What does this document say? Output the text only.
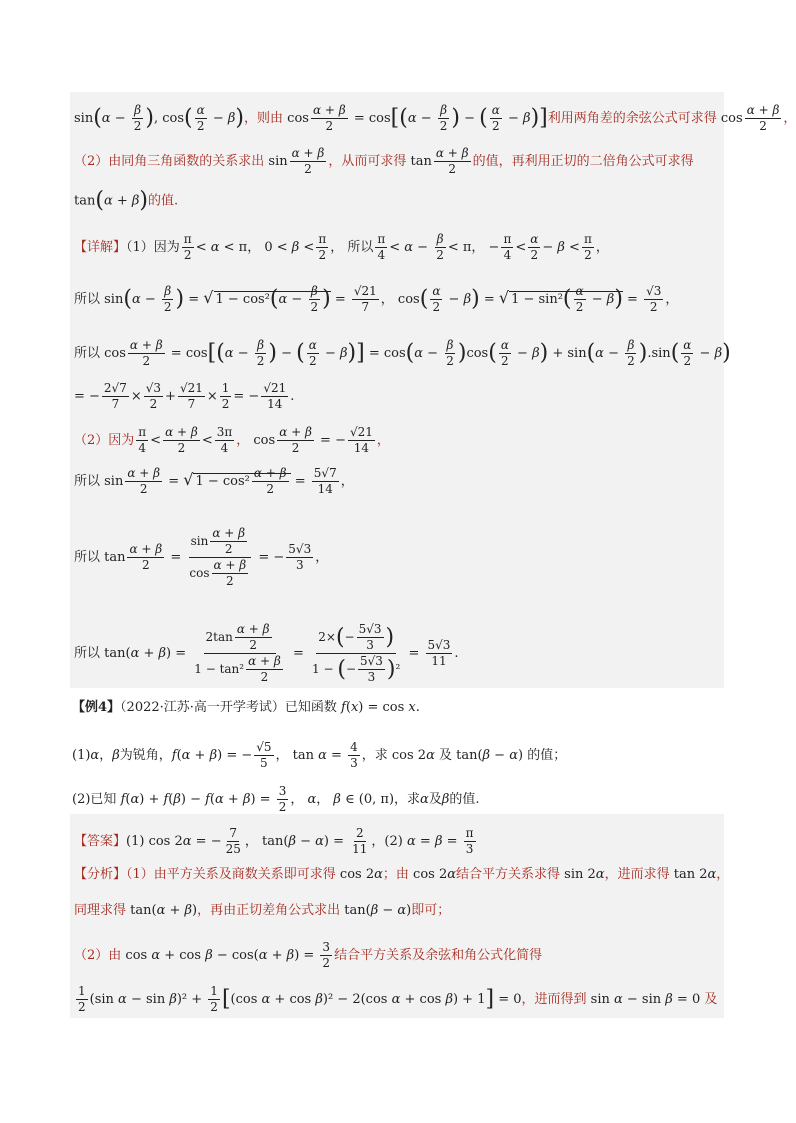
$\sin(\alpha - \frac{\beta}{2}$ ), $\cos( \frac{\alpha}{2} - \beta)$，则由 $\cos \frac{\alpha + \beta}{2} = \cos[(\alpha - \frac{\beta}{2}$ ) − ( $\frac{\alpha}{2} - \beta$)]利用两角差的余弦公式可求得 $\cos \frac{\alpha + \beta}{2}$ ，
（2）由同角三角函数的关系求出 $\sin \frac{\alpha + \beta}{2}$ ，从而可求得 $\tan \frac{\alpha + \beta}{2}$ 的值，再利用正切的二倍角公式可求得
tan(α + β)的值.
【详解】（1）因为 $\frac{\pi}{2} < \alpha < \pi$， $0 < \beta < \frac{\pi}{2}$ ， 所以 $\frac{\pi}{4} < \alpha - \frac{\beta}{2} < \pi$， − $\frac{\pi}{4} < \frac{\alpha}{2} - \beta < \frac{\pi}{2}$ ，
所以 $\sin(\alpha - \frac{\beta}{2}$ ) = √ $1 - \cos^2(\alpha - \frac{\beta}{2}$ ) = $\frac{√21}{7}$ ， $\cos( \frac{\alpha}{2} - \beta)$ = √ $1 - \sin^2( \frac{\alpha}{2} - \beta) = \frac{√3}{2}$ ，
所以 $\cos \frac{\alpha + \beta}{2} = \cos[(\alpha - \frac{\beta}{2}$ ) − ( $\frac{\alpha}{2} - \beta)] = \cos(\alpha - \frac{\beta}{2} )\cos( \frac{\alpha}{2} - \beta) + \sin(\alpha - \frac{\beta}{2} ).\sin( \frac{\alpha}{2} - \beta)$
= − $\frac{2√7}{7} \times \frac{√3}{2} + \frac{√21}{7} \times \frac{1}{2}$ = − $\frac{√21}{14}$ .
（2）因为 $\frac{\pi}{4} < \frac{\alpha + \beta}{2} < \frac{3\pi}{4}$ ， $\cos \frac{\alpha + \beta}{2}$ = − $\frac{√21}{14}$ ，
所以 $\sin \frac{\alpha + \beta}{2}$ = √ $1 - \cos^2 \frac{\alpha + \beta}{2} = \frac{5√7}{14}$ ，
所以 $\tan \frac{\alpha + \beta}{2} = \frac{\sin \frac{\alpha + \beta}{2}}{\cos \frac{\alpha + \beta}{2}}$ = − $\frac{5√3}{3}$ ，
所以 $\tan(\alpha + \beta) = \frac{2\tan \frac{\alpha + \beta}{2}}{1 - \tan^2 \frac{\alpha + \beta}{2}} = \frac{2\times(- \frac{5√3}{3} )}{1 - (- \frac{5√3}{3} )^2} = \frac{5√3}{11}$ .
【例4】（2022·江苏·高一开学考试）已知函数 f(x) = cos x.
(1)α，β为锐角，f(α + β) = − $\frac{√5}{5}$ ， $\tan \alpha = \frac{4}{3}$ ，求 cos 2α 及 tan(β − α) 的值；
(2)已知 $f(\alpha) + f(\beta) - f(\alpha + \beta) = \frac{3}{2}$ ， α， β ∈ (0, π)，求α及β的值.
【答案】(1) cos 2α = − $\frac{7}{25}$ ， $\tan(\beta - \alpha) = \frac{2}{11}$ ，(2) $\alpha = \beta = \frac{\pi}{3}$
【分析】（1）由平方关系及商数关系即可求得 cos 2α；由 cos 2α结合平方关系求得 sin 2α，进而求得 tan 2α，
同理求得 tan(α + β)，再由正切差角公式求出 tan(β − α)即可；
（2）由 $\cos \alpha + \cos \beta - \cos(\alpha + \beta) = \frac{3}{2}$ 结合平方关系及余弦和角公式化简得
$\frac{1}{2} (\sin$ $\alpha - \sin \beta)^2 + \frac{1}{2} [(\cos$ α + cos β)² − 2(cos α + cos β) + 1] = 0，进而得到 sin α − sin β = 0 及
